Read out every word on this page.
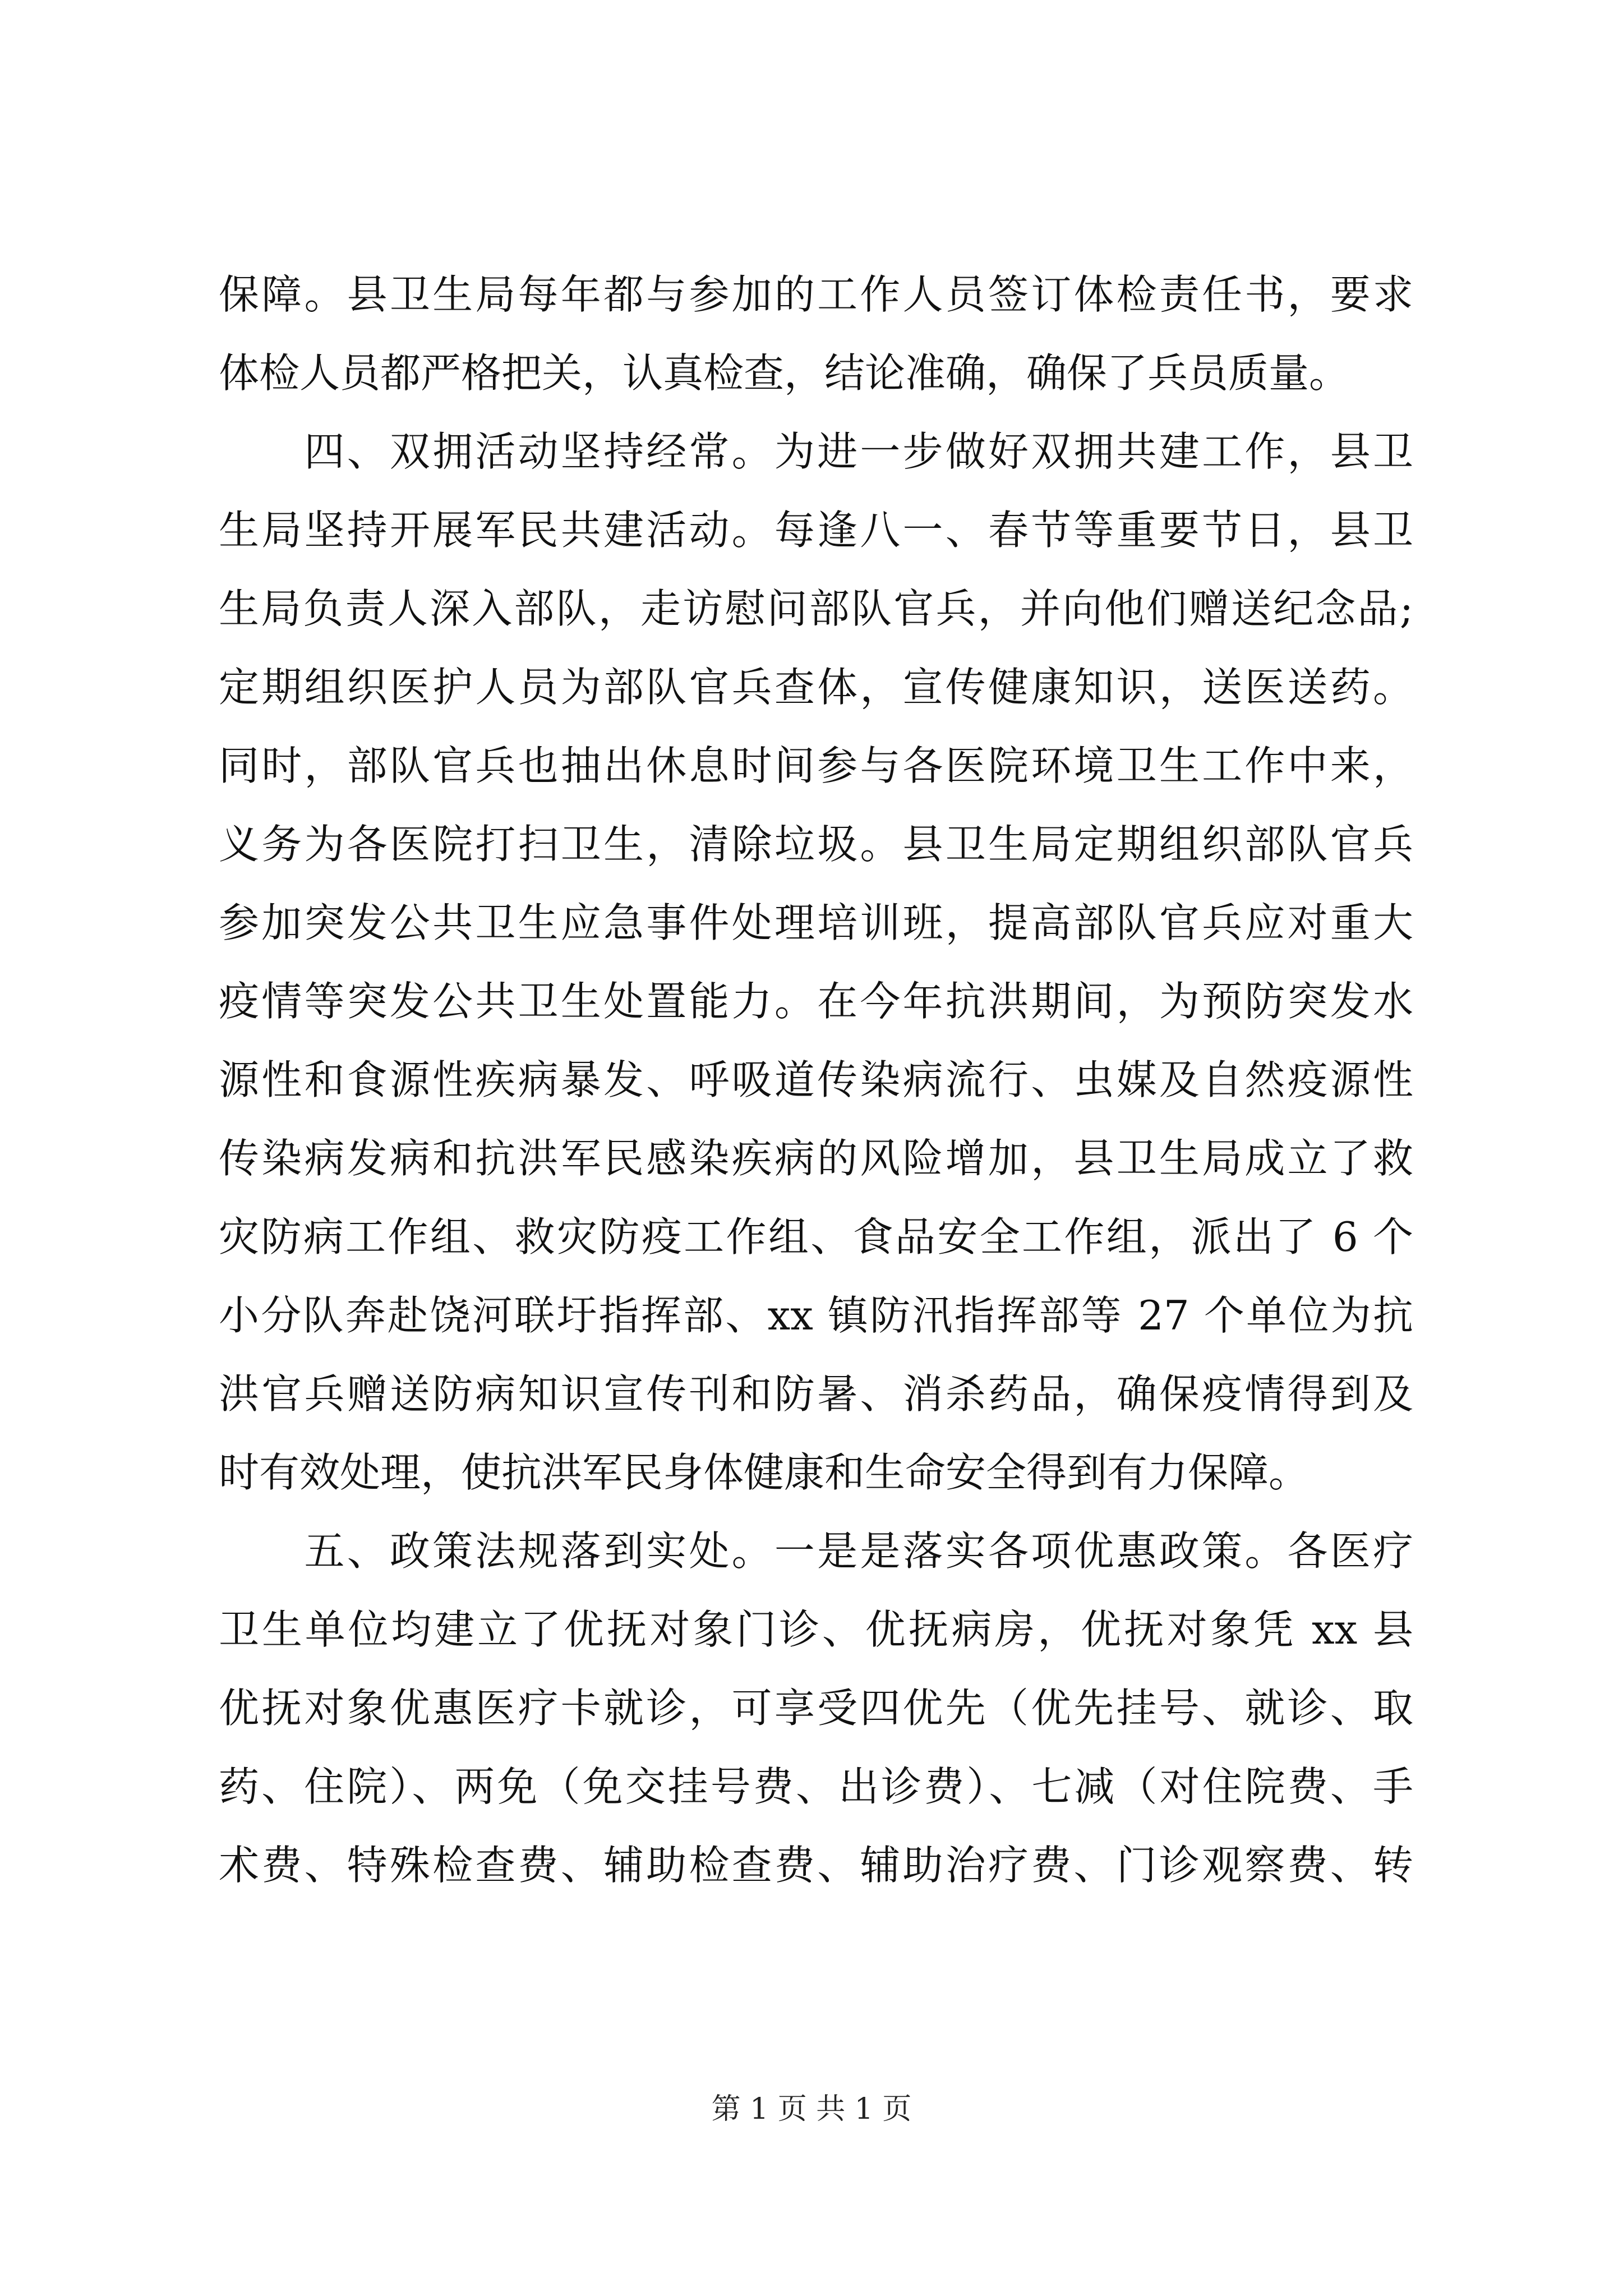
保障。县卫生局每年都与参加的工作人员签订体检责任书，要求
体检人员都严格把关，认真检查，结论准确，确保了兵员质量。
　　四、双拥活动坚持经常。为进一步做好双拥共建工作，县卫
生局坚持开展军民共建活动。每逢八一、春节等重要节日，县卫
生局负责人深入部队，走访慰问部队官兵，并向他们赠送纪念品;
定期组织医护人员为部队官兵查体，宣传健康知识，送医送药。
同时，部队官兵也抽出休息时间参与各医院环境卫生工作中来，
义务为各医院打扫卫生，清除垃圾。县卫生局定期组织部队官兵
参加突发公共卫生应急事件处理培训班，提高部队官兵应对重大
疫情等突发公共卫生处置能力。在今年抗洪期间，为预防突发水
源性和食源性疾病暴发、呼吸道传染病流行、虫媒及自然疫源性
传染病发病和抗洪军民感染疾病的风险增加，县卫生局成立了救
灾防病工作组、救灾防疫工作组、食品安全工作组，派出了 6 个
小分队奔赴饶河联圩指挥部、xx 镇防汛指挥部等 27 个单位为抗
洪官兵赠送防病知识宣传刊和防暑、消杀药品，确保疫情得到及
时有效处理，使抗洪军民身体健康和生命安全得到有力保障。
　　五、政策法规落到实处。一是是落实各项优惠政策。各医疗
卫生单位均建立了优抚对象门诊、优抚病房，优抚对象凭 xx 县
优抚对象优惠医疗卡就诊，可享受四优先（优先挂号、就诊、取
药、住院）、两免（免交挂号费、出诊费）、七减（对住院费、手
术费、特殊检查费、辅助检查费、辅助治疗费、门诊观察费、转
第 1 页 共 1 页
